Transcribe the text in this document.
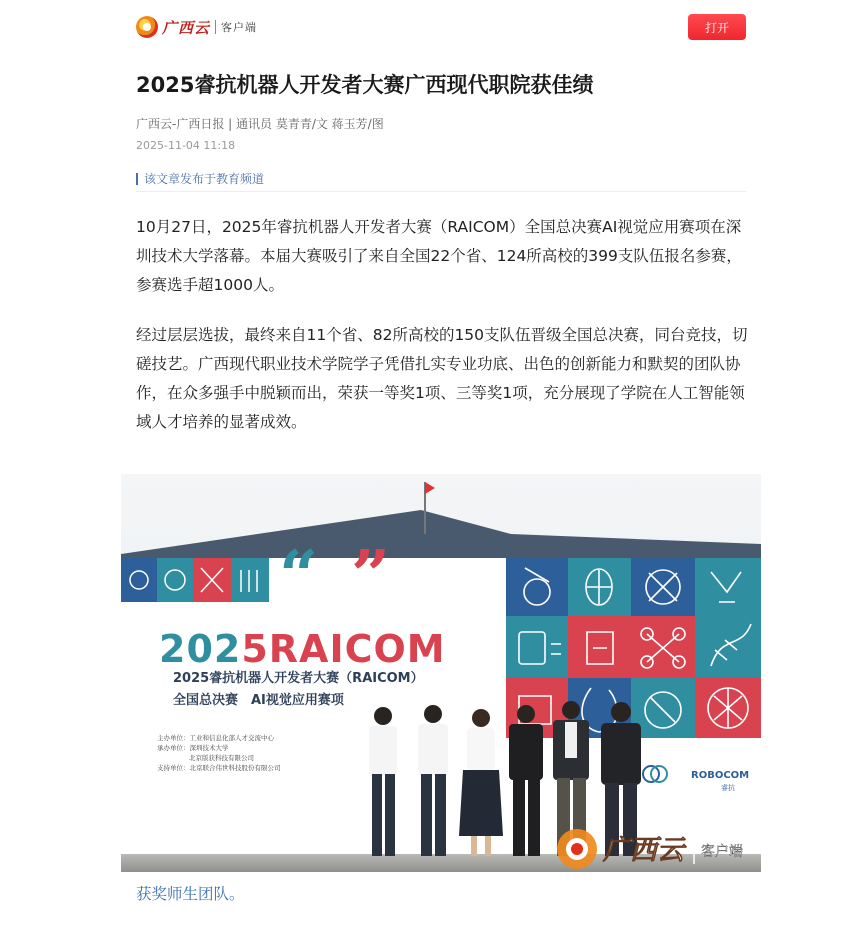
广西云 客户端	打开
2025睿抗机器人开发者大赛广西现代职院获佳绩
广西云-广西日报 | 通讯员 莫青青/文 蒋玉芳/图
2025-11-04 11:18
该文章发布于教育频道

10月27日，2025年睿抗机器人开发者大赛（RAICOM）全国总决赛AI视觉应用赛项在深圳技术大学落幕。本届大赛吸引了来自全国22个省、124所高校的399支队伍报名参赛，参赛选手超1000人。

经过层层选拔，最终来自11个省、82所高校的150支队伍晋级全国总决赛，同台竞技，切磋技艺。广西现代职业技术学院学子凭借扎实专业功底、出色的创新能力和默契的团队协作，在众多强手中脱颖而出，荣获一等奖1项、三等奖1项，充分展现了学院在人工智能领域人才培养的显著成效。

“ ”
2025RAICOM
2025睿抗机器人开发者大赛（RAICOM）
全国总决赛　AI视觉应用赛项
主办单位：工业和信息化部人才交流中心
承办单位：深圳技术大学
北京版获科技有限公司
支持单位：北京联合伟世科技股份有限公司
ROBOCOM
睿抗
广西云 客户端
获奖师生团队。
